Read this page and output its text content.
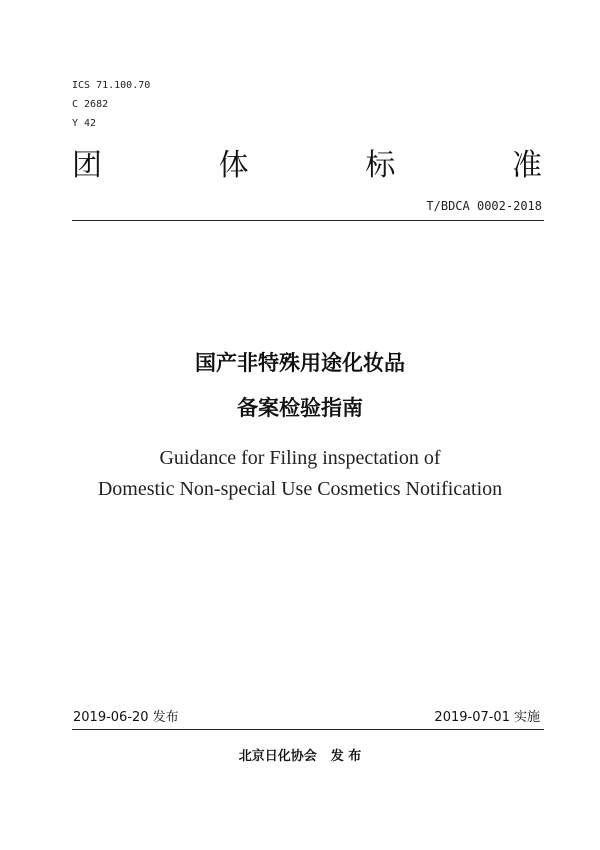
ICS 71.100.70
C 2682
Y 42
团	体	标	准
T/BDCA 0002-2018
国产非特殊用途化妆品
备案检验指南
Guidance for Filing inspectation of
Domestic Non-special Use Cosmetics Notification
2019-06-20 发布	2019-07-01 实施
北京日化协会 发 布
